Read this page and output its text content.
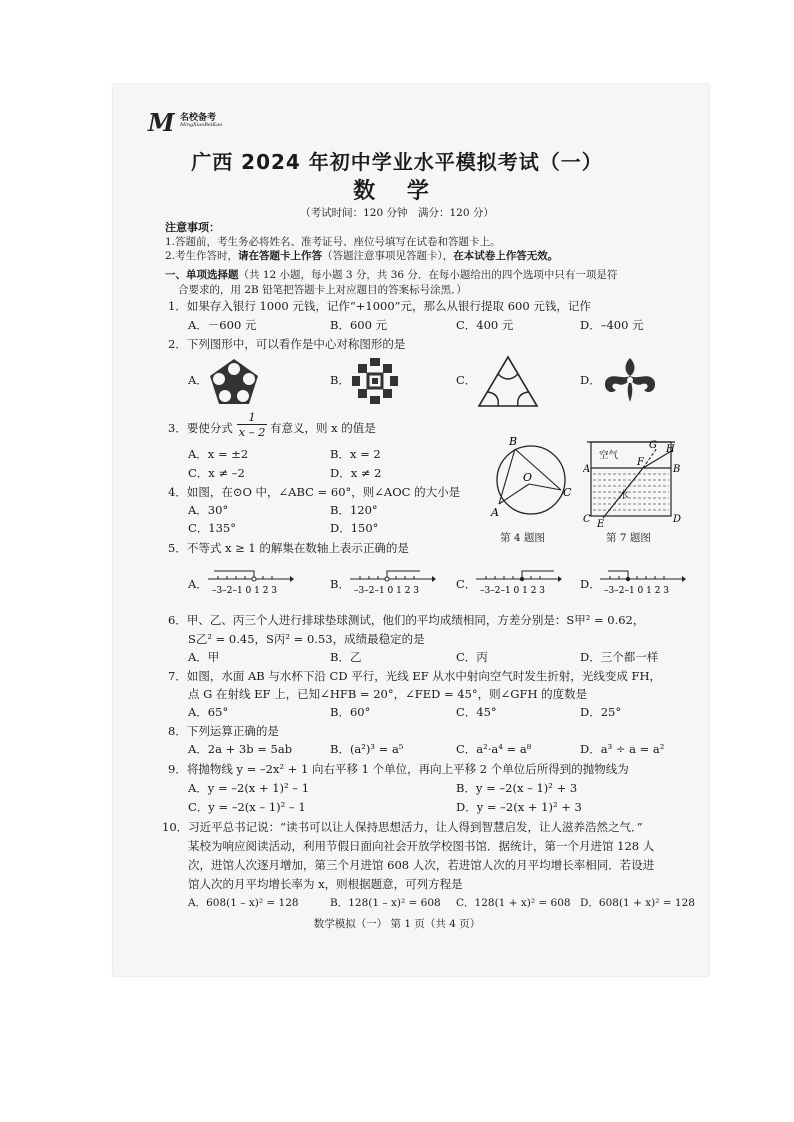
M 名校备考
MingXiaoBeiKao
广西 2024 年初中学业水平模拟考试（一）
数 学
（考试时间：120 分钟　满分：120 分）
注意事项：
1.答题前，考生务必将姓名、准考证号、座位号填写在试卷和答题卡上。
2.考生作答时，请在答题卡上作答（答题注意事项见答题卡），在本试卷上作答无效。
一、单项选择题（共 12 小题，每小题 3 分，共 36 分．在每小题给出的四个选项中只有一项是符
合要求的，用 2B 铅笔把答题卡上对应题目的答案标号涂黑．）
1．如果存入银行 1000 元钱，记作“+1000”元，那么从银行提取 600 元钱，记作
A．－600 元	B．600 元	C．400 元	D．–400 元
2．下列图形中，可以看作是中心对称图形的是
A．	B．	C．	D．
3．要使分式 $\frac{1}{x - 2}$ 有意义，则 x 的值是
A．x = ±2	B．x = 2
C．x ≠ –2	D．x ≠ 2
4．如图，在⊙O 中，∠ABC = 60°，则∠AOC 的大小是
A．30°	B．120°
C．135°	D．150°
B
O
C
A
第 4 题图
空气
水
G H
F
A	B
C	D
E
第 7 题图
5．不等式 x ≥ 1 的解集在数轴上表示正确的是
A．	B．	C．	D．
–3–2–1 0 1 2 3	–3–2–1 0 1 2 3	–3–2–1 0 1 2 3	–3–2–1 0 1 2 3
6．甲、乙、丙三个人进行排球垫球测试，他们的平均成绩相同，方差分别是：S甲² = 0.62，
S乙² = 0.45，S丙² = 0.53，成绩最稳定的是
A．甲	B．乙	C．丙	D．三个都一样
7．如图，水面 AB 与水杯下沿 CD 平行，光线 EF 从水中射向空气时发生折射，光线变成 FH，
点 G 在射线 EF 上，已知∠HFB = 20°，∠FED = 45°，则∠GFH 的度数是
A．65°	B．60°	C．45°	D．25°
8．下列运算正确的是
A．2a + 3b = 5ab	B．(a²)³ = a⁵	C．a²·a⁴ = a⁸	D．a³ ÷ a = a²
9．将抛物线 y = –2x² + 1 向右平移 1 个单位，再向上平移 2 个单位后所得到的抛物线为
A．y = –2(x + 1)² – 1	B．y = –2(x – 1)² + 3
C．y = –2(x – 1)² – 1	D．y = –2(x + 1)² + 3
10．习近平总书记说：“读书可以让人保持思想活力，让人得到智慧启发，让人滋养浩然之气．”
某校为响应阅读活动，利用节假日面向社会开放学校图书馆．据统计，第一个月进馆 128 人
次，进馆人次逐月增加，第三个月进馆 608 人次，若进馆人次的月平均增长率相同．若设进
馆人次的月平均增长率为 x，则根据题意，可列方程是
A．608(1 – x)² = 128	B．128(1 – x)² = 608 C．128(1 + x)² = 608 D．608(1 + x)² = 128
数学模拟（一） 第 1 页（共 4 页）
